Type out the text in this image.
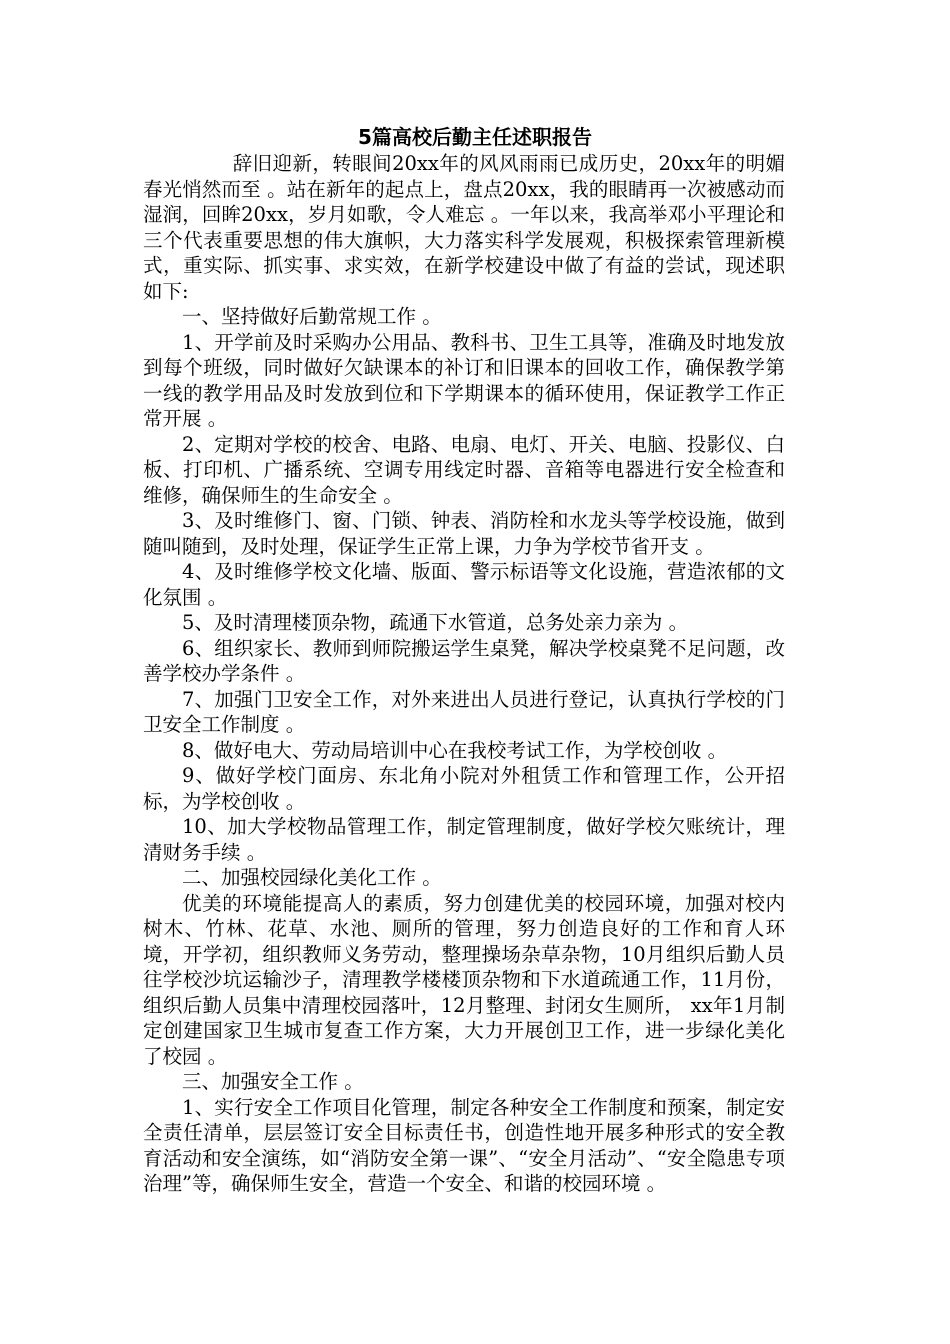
5篇高校后勤主任述职报告

辞旧迎新，转眼间20xx年的风风雨雨已成历史，20xx年的明媚春光悄然而至 。站在新年的起点上，盘点20xx，我的眼睛再一次被感动而湿润，回眸20xx，岁月如歌，令人难忘 。一年以来，我高举邓小平理论和三个代表重要思想的伟大旗帜，大力落实科学发展观，积极探索管理新模式，重实际、抓实事、求实效，在新学校建设中做了有益的尝试，现述职如下:

一、坚持做好后勤常规工作 。

1、开学前及时采购办公用品、教科书、卫生工具等，准确及时地发放到每个班级，同时做好欠缺课本的补订和旧课本的回收工作，确保教学第一线的教学用品及时发放到位和下学期课本的循环使用，保证教学工作正常开展 。

2、定期对学校的校舍、电路、电扇、电灯、开关、电脑、投影仪、白板、打印机、广播系统、空调专用线定时器、音箱等电器进行安全检查和维修，确保师生的生命安全 。

3、及时维修门、窗、门锁、钟表、消防栓和水龙头等学校设施，做到随叫随到，及时处理，保证学生正常上课，力争为学校节省开支 。

4、及时维修学校文化墙、版面、警示标语等文化设施，营造浓郁的文化氛围 。

5、及时清理楼顶杂物，疏通下水管道，总务处亲力亲为 。

6、组织家长、教师到师院搬运学生桌凳，解决学校桌凳不足问题，改善学校办学条件 。

7、加强门卫安全工作，对外来进出人员进行登记，认真执行学校的门卫安全工作制度 。

8、做好电大、劳动局培训中心在我校考试工作，为学校创收 。

9、做好学校门面房、东北角小院对外租赁工作和管理工作，公开招标，为学校创收 。

10、加大学校物品管理工作，制定管理制度，做好学校欠账统计，理清财务手续 。

二、加强校园绿化美化工作 。

优美的环境能提高人的素质，努力创建优美的校园环境，加强对校内树木、竹林、花草、水池、厕所的管理，努力创造良好的工作和育人环境，开学初，组织教师义务劳动，整理操场杂草杂物，10月组织后勤人员往学校沙坑运输沙子，清理教学楼楼顶杂物和下水道疏通工作，11月份，组织后勤人员集中清理校园落叶，12月整理、封闭女生厕所， xx年1月制定创建国家卫生城市复查工作方案，大力开展创卫工作，进一步绿化美化了校园 。

三、加强安全工作 。

1、实行安全工作项目化管理，制定各种安全工作制度和预案，制定安全责任清单，层层签订安全目标责任书，创造性地开展多种形式的安全教育活动和安全演练，如“消防安全第一课”、“安全月活动”、“安全隐患专项治理”等，确保师生安全，营造一个安全、和谐的校园环境 。
